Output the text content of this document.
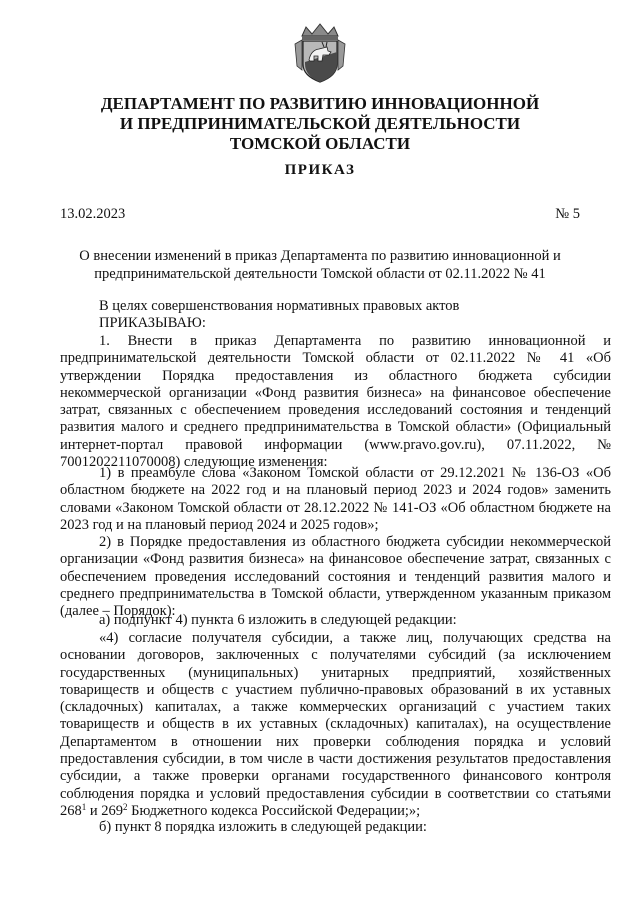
ДЕПАРТАМЕНТ ПО РАЗВИТИЮ ИННОВАЦИОННОЙ

И ПРЕДПРИНИМАТЕЛЬСКОЙ ДЕЯТЕЛЬНОСТИ

ТОМСКОЙ ОБЛАСТИ

ПРИКАЗ

13.02.2023	№ 5

О внесении изменений в приказ Департамента по развитию инновационной и предпринимательской деятельности Томской области от 02.11.2022 № 41

В целях совершенствования нормативных правовых актов

ПРИКАЗЫВАЮ:

1. Внести в приказ Департамента по развитию инновационной и предпринимательской деятельности Томской области от 02.11.2022 № 41 «Об утверждении Порядка предоставления из областного бюджета субсидии некоммерческой организации «Фонд развития бизнеса» на финансовое обеспечение затрат, связанных с обеспечением проведения исследований состояния и тенденций развития малого и среднего предпринимательства в Томской области» (Официальный интернет-портал правовой информации (www.pravo.gov.ru), 07.11.2022, № 7001202211070008) следующие изменения:

1) в преамбуле слова «Законом Томской области от 29.12.2021 № 136-ОЗ «Об областном бюджете на 2022 год и на плановый период 2023 и 2024 годов» заменить словами «Законом Томской области от 28.12.2022 № 141-ОЗ «Об областном бюджете на 2023 год и на плановый период 2024 и 2025 годов»;

2) в Порядке предоставления из областного бюджета субсидии некоммерческой организации «Фонд развития бизнеса» на финансовое обеспечение затрат, связанных с обеспечением проведения исследований состояния и тенденций развития малого и среднего предпринимательства в Томской области, утвержденном указанным приказом (далее – Порядок):

а) подпункт 4) пункта 6 изложить в следующей редакции:

«4) согласие получателя субсидии, а также лиц, получающих средства на основании договоров, заключенных с получателями субсидий (за исключением государственных (муниципальных) унитарных предприятий, хозяйственных товариществ и обществ с участием публично-правовых образований в их уставных (складочных) капиталах, а также коммерческих организаций с участием таких товариществ и обществ в их уставных (складочных) капиталах), на осуществление Департаментом в отношении них проверки соблюдения порядка и условий предоставления субсидии, в том числе в части достижения результатов предоставления субсидии, а также проверки органами государственного финансового контроля соблюдения порядка и условий предоставления субсидии в соответствии со статьями $268^1$ и $269^2$ Бюджетного кодекса Российской Федерации;»;

б) пункт 8 порядка изложить в следующей редакции:
